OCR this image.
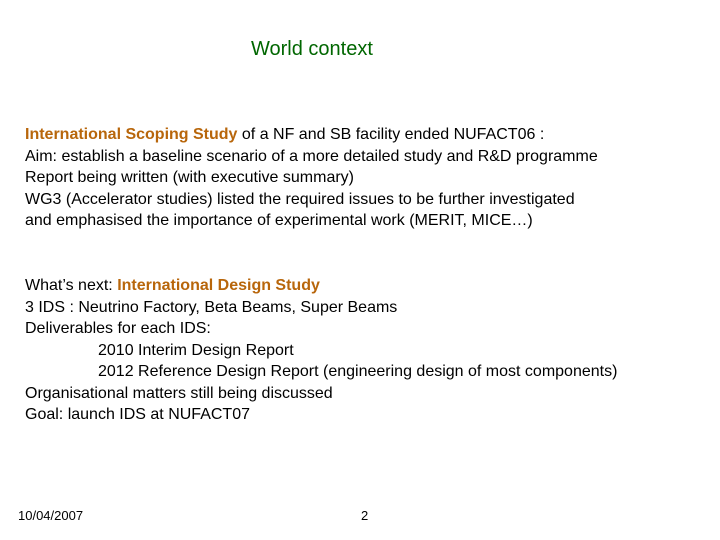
World context
International Scoping Study of a NF and SB facility ended NUFACT06 :
Aim: establish a baseline scenario of a more detailed study and R&D programme
Report being written (with executive summary)
WG3 (Accelerator studies) listed the required issues to be further investigated
and emphasised the importance of experimental work (MERIT, MICE…)
What’s next: International Design Study
3 IDS : Neutrino Factory, Beta Beams, Super Beams
Deliverables for each IDS:
2010 Interim Design Report
2012 Reference Design Report (engineering design of most components)
Organisational matters still being discussed
Goal: launch IDS at NUFACT07
10/04/2007	2
